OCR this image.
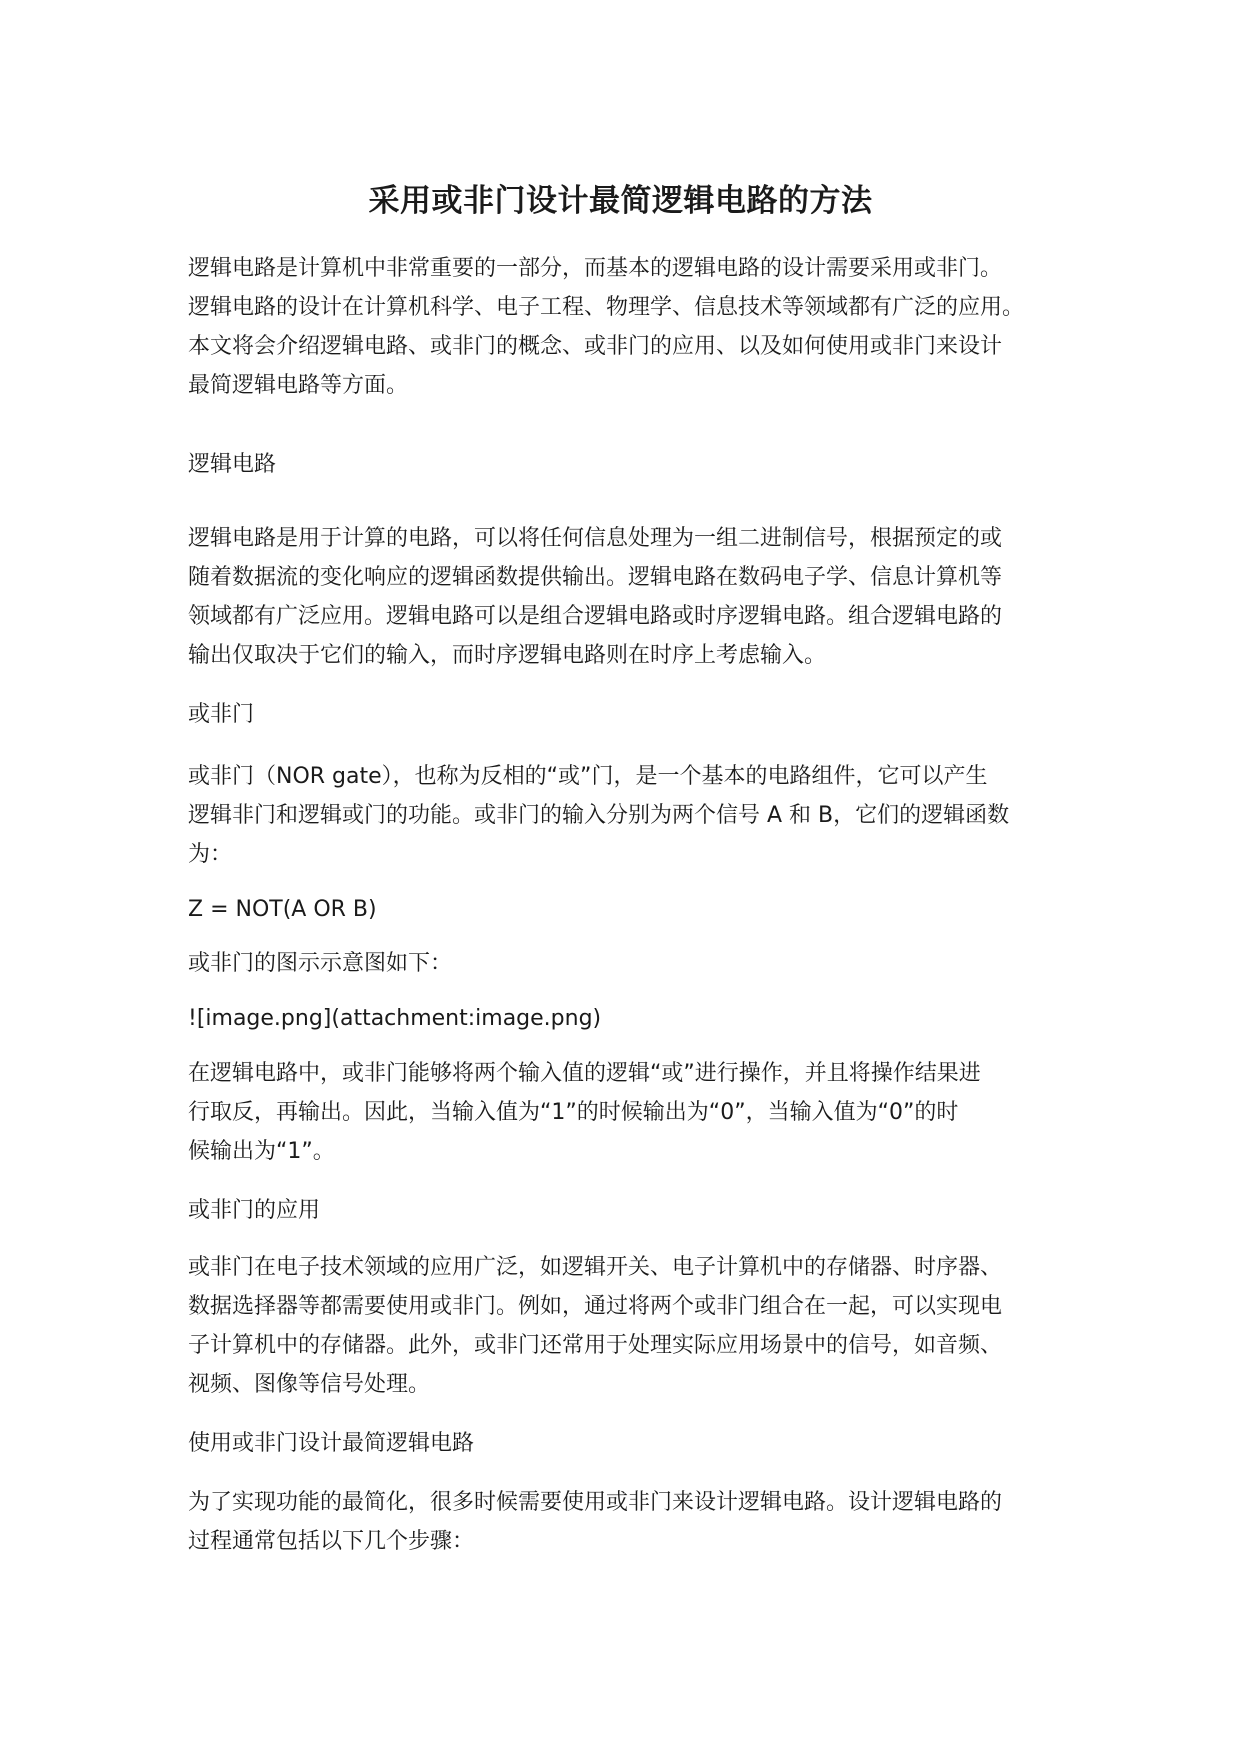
采用或非门设计最简逻辑电路的方法
逻辑电路是计算机中非常重要的一部分，而基本的逻辑电路的设计需要采用或非门。
逻辑电路的设计在计算机科学、电子工程、物理学、信息技术等领域都有广泛的应用。
本文将会介绍逻辑电路、或非门的概念、或非门的应用、以及如何使用或非门来设计
最简逻辑电路等方面。
逻辑电路
逻辑电路是用于计算的电路，可以将任何信息处理为一组二进制信号，根据预定的或
随着数据流的变化响应的逻辑函数提供输出。逻辑电路在数码电子学、信息计算机等
领域都有广泛应用。逻辑电路可以是组合逻辑电路或时序逻辑电路。组合逻辑电路的
输出仅取决于它们的输入，而时序逻辑电路则在时序上考虑输入。
或非门
或非门（NOR gate），也称为反相的“或”门，是一个基本的电路组件，它可以产生
逻辑非门和逻辑或门的功能。或非门的输入分别为两个信号 A 和 B，它们的逻辑函数
为：
Z = NOT(A OR B)
或非门的图示示意图如下：
![image.png](attachment:image.png)
在逻辑电路中，或非门能够将两个输入值的逻辑“或”进行操作，并且将操作结果进
行取反，再输出。因此，当输入值为“1”的时候输出为“0”，当输入值为“0”的时
候输出为“1”。
或非门的应用
或非门在电子技术领域的应用广泛，如逻辑开关、电子计算机中的存储器、时序器、
数据选择器等都需要使用或非门。例如，通过将两个或非门组合在一起，可以实现电
子计算机中的存储器。此外，或非门还常用于处理实际应用场景中的信号，如音频、
视频、图像等信号处理。
使用或非门设计最简逻辑电路
为了实现功能的最简化，很多时候需要使用或非门来设计逻辑电路。设计逻辑电路的
过程通常包括以下几个步骤：
